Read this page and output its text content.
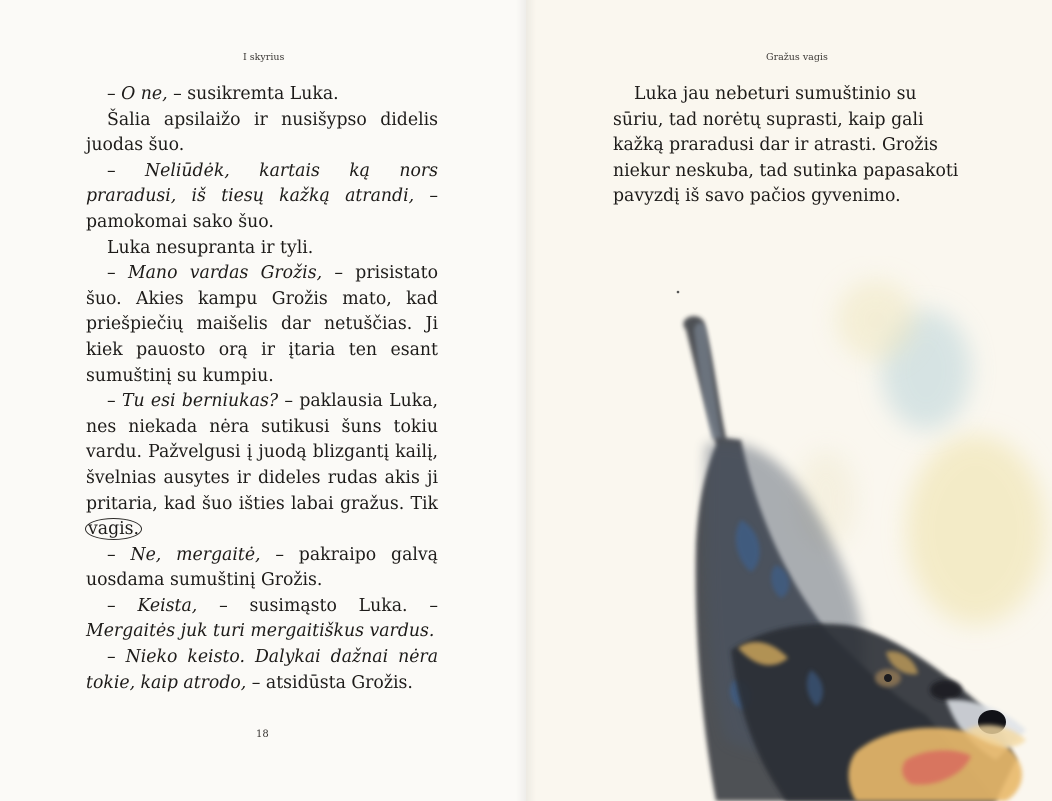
I skyrius

– O ne, – susikremta Luka.

Šalia apsilaižo ir nusišypso didelis juodas šuo.

– Neliūdėk, kartais ką nors praradusi, iš tiesų kažką atrandi, – pamokomai sako šuo.

Luka nesupranta ir tyli.

– Mano vardas Grožis, – prisistato šuo. Akies kampu Grožis mato, kad priešpiečių maišelis dar netuščias. Ji kiek pauosto orą ir įtaria ten esant sumuštinį su kumpiu.

– Tu esi berniukas? – paklausia Luka, nes niekada nėra sutikusi šuns tokiu vardu. Pažvelgusi į juodą blizgantį kailį, švelnias ausytes ir dideles rudas akis ji pritaria, kad šuo išties labai gražus. Tik vagis.

– Ne, mergaitė, – pakraipo galvą uosdama sumuštinį Grožis.

– Keista, – susimąsto Luka. – Mergaitės juk turi mergaitiškus vardus.

– Nieko keisto. Dalykai dažnai nėra tokie, kaip atrodo, – atsidūsta Grožis.

18
Gražus vagis

Luka jau nebeturi sumuštinio su sūriu, tad norėtų suprasti, kaip gali kažką praradusi dar ir atrasti. Grožis niekur neskuba, tad sutinka papasakoti pavyzdį iš savo pačios gyvenimo.
